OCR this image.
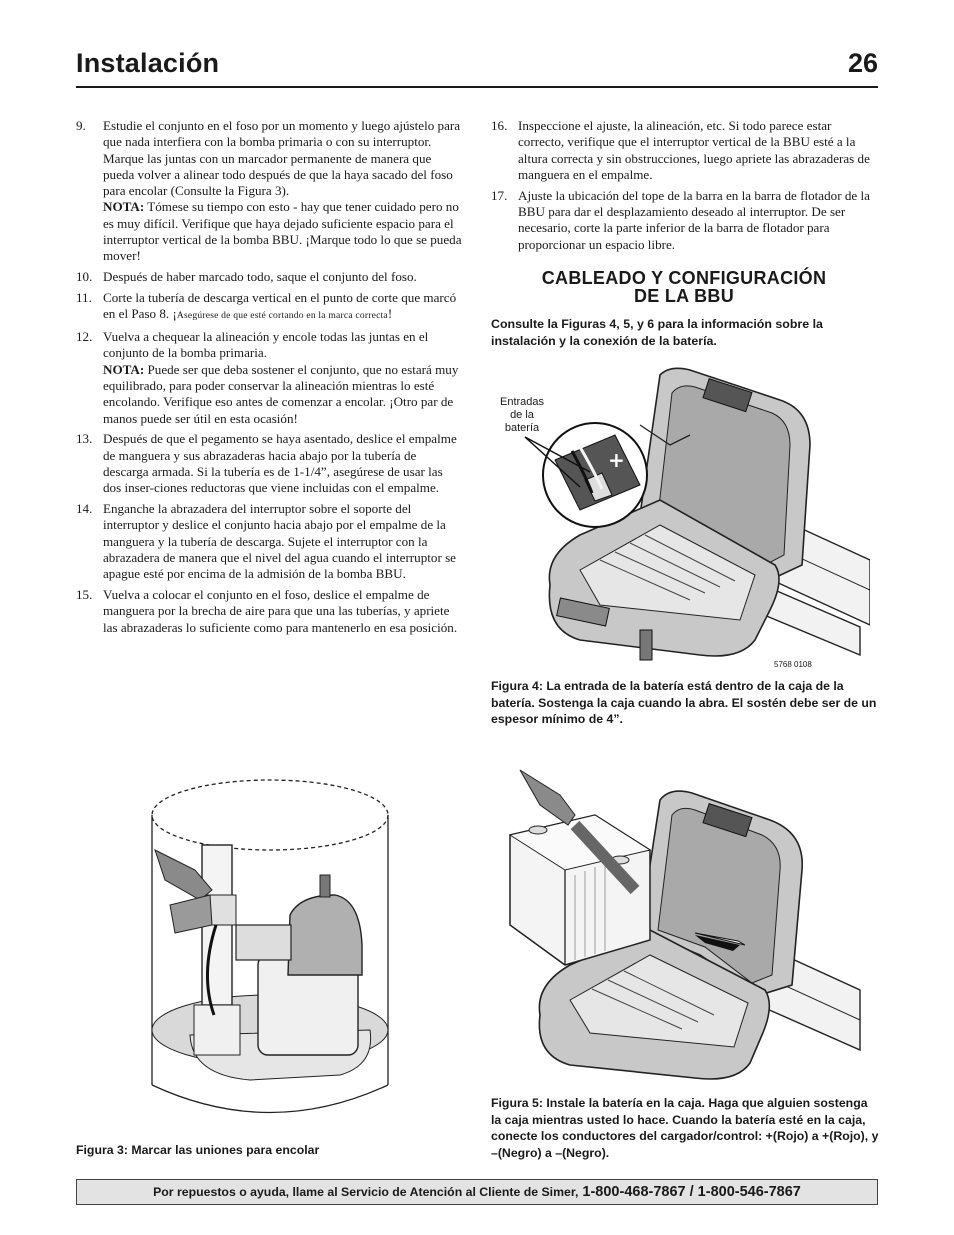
Instalación	26
9. Estudie el conjunto en el foso por un momento y luego ajústelo para que nada interfiera con la bomba primaria o con su interruptor. Marque las juntas con un marcador permanente de manera que pueda volver a alinear todo después de que la haya sacado del foso para encolar (Consulte la Figura 3).
NOTA: Tómese su tiempo con esto - hay que tener cuidado pero no es muy difícil. Verifique que haya dejado suficiente espacio para el interruptor vertical de la bomba BBU. ¡Marque todo lo que se pueda mover!
10. Después de haber marcado todo, saque el conjunto del foso.
11. Corte la tubería de descarga vertical en el punto de corte que marcó en el Paso 8. ¡Asegúrese de que esté cortando en la marca correcta!
12. Vuelva a chequear la alineación y encole todas las juntas en el conjunto de la bomba primaria.
NOTA: Puede ser que deba sostener el conjunto, que no estará muy equilibrado, para poder conservar la alineación mientras lo esté encolando. Verifique eso antes de comenzar a encolar. ¡Otro par de manos puede ser útil en esta ocasión!
13. Después de que el pegamento se haya asentado, deslice el empalme de manguera y sus abrazaderas hacia abajo por la tubería de descarga armada. Si la tubería es de 1-1/4”, asegúrese de usar las dos inser-ciones reductoras que viene incluidas con el empalme.
14. Enganche la abrazadera del interruptor sobre el soporte del interruptor y deslice el conjunto hacia abajo por el empalme de la manguera y la tubería de descarga. Sujete el interruptor con la abrazadera de manera que el nivel del agua cuando el interruptor se apague esté por encima de la admisión de la bomba BBU.
15. Vuelva a colocar el conjunto en el foso, deslice el empalme de manguera por la brecha de aire para que una las tuberías, y apriete las abrazaderas lo suficiente como para mantenerlo en esa posición.
16. Inspeccione el ajuste, la alineación, etc. Si todo parece estar correcto, verifique que el interruptor vertical de la BBU esté a la altura correcta y sin obstrucciones, luego apriete las abrazaderas de manguera en el empalme.
17. Ajuste la ubicación del tope de la barra en la barra de flotador de la BBU para dar el desplazamiento deseado al interruptor. De ser necesario, corte la parte inferior de la barra de flotador para proporcionar un espacio libre.
CABLEADO Y CONFIGURACIÓN
DE LA BBU
Consulte la Figuras 4, 5, y 6 para la información sobre la instalación y la conexión de la batería.
+ –
Entradas
de la
batería
5768 0108
Figura 4: La entrada de la batería está dentro de la caja de la batería. Sostenga la caja cuando la abra. El sostén debe ser de un espesor mínimo de 4”.
Figura 5: Instale la batería en la caja. Haga que alguien sostenga la caja mientras usted lo hace. Cuando la batería esté en la caja, conecte los conductores del cargador/control: +(Rojo) a +(Rojo), y –(Negro) a –(Negro).
Figura 3: Marcar las uniones para encolar
Por repuestos o ayuda, llame al Servicio de Atención al Cliente de Simer, 1-800-468-7867 / 1-800-546-7867
